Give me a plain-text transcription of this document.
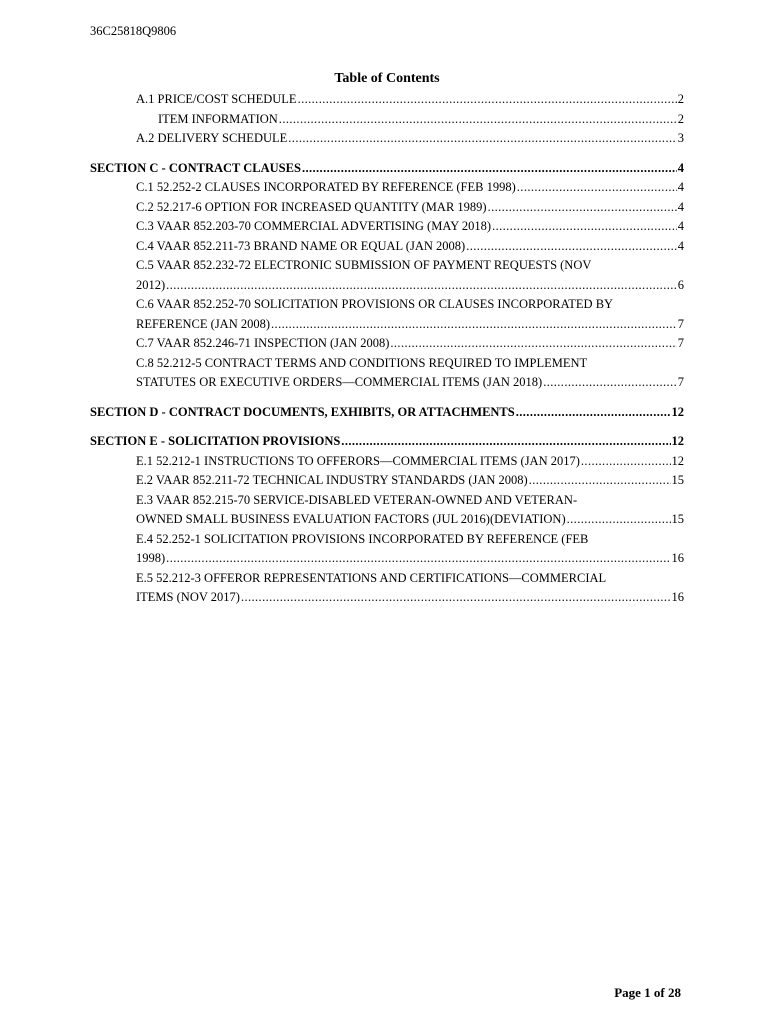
36C25818Q9806
Table of Contents
A.1 PRICE/COST SCHEDULE .....	2
ITEM INFORMATION .....	2
A.2 DELIVERY SCHEDULE .....	3
SECTION C - CONTRACT CLAUSES .....	4
C.1 52.252-2 CLAUSES INCORPORATED BY REFERENCE (FEB 1998) .....	4
C.2 52.217-6 OPTION FOR INCREASED QUANTITY (MAR 1989) .....	4
C.3 VAAR 852.203-70 COMMERCIAL ADVERTISING (MAY 2018) .....	4
C.4 VAAR 852.211-73 BRAND NAME OR EQUAL (JAN 2008) .....	4
C.5 VAAR 852.232-72 ELECTRONIC SUBMISSION OF PAYMENT REQUESTS (NOV
2012) .....	6
C.6 VAAR 852.252-70 SOLICITATION PROVISIONS OR CLAUSES INCORPORATED BY
REFERENCE (JAN 2008) .....	7
C.7 VAAR 852.246-71 INSPECTION (JAN 2008) .....	7
C.8 52.212-5 CONTRACT TERMS AND CONDITIONS REQUIRED TO IMPLEMENT
STATUTES OR EXECUTIVE ORDERS—COMMERCIAL ITEMS (JAN 2018) .....	7
SECTION D - CONTRACT DOCUMENTS, EXHIBITS, OR ATTACHMENTS .....	12
SECTION E - SOLICITATION PROVISIONS .....	12
E.1 52.212-1 INSTRUCTIONS TO OFFERORS—COMMERCIAL ITEMS (JAN 2017) .....	12
E.2 VAAR 852.211-72 TECHNICAL INDUSTRY STANDARDS (JAN 2008) .....	15
E.3 VAAR 852.215-70 SERVICE-DISABLED VETERAN-OWNED AND VETERAN-
OWNED SMALL BUSINESS EVALUATION FACTORS (JUL 2016)(DEVIATION) .....	15
E.4 52.252-1 SOLICITATION PROVISIONS INCORPORATED BY REFERENCE (FEB
1998) .....	16
E.5 52.212-3 OFFEROR REPRESENTATIONS AND CERTIFICATIONS—COMMERCIAL
ITEMS (NOV 2017) .....	16
Page 1 of 28
